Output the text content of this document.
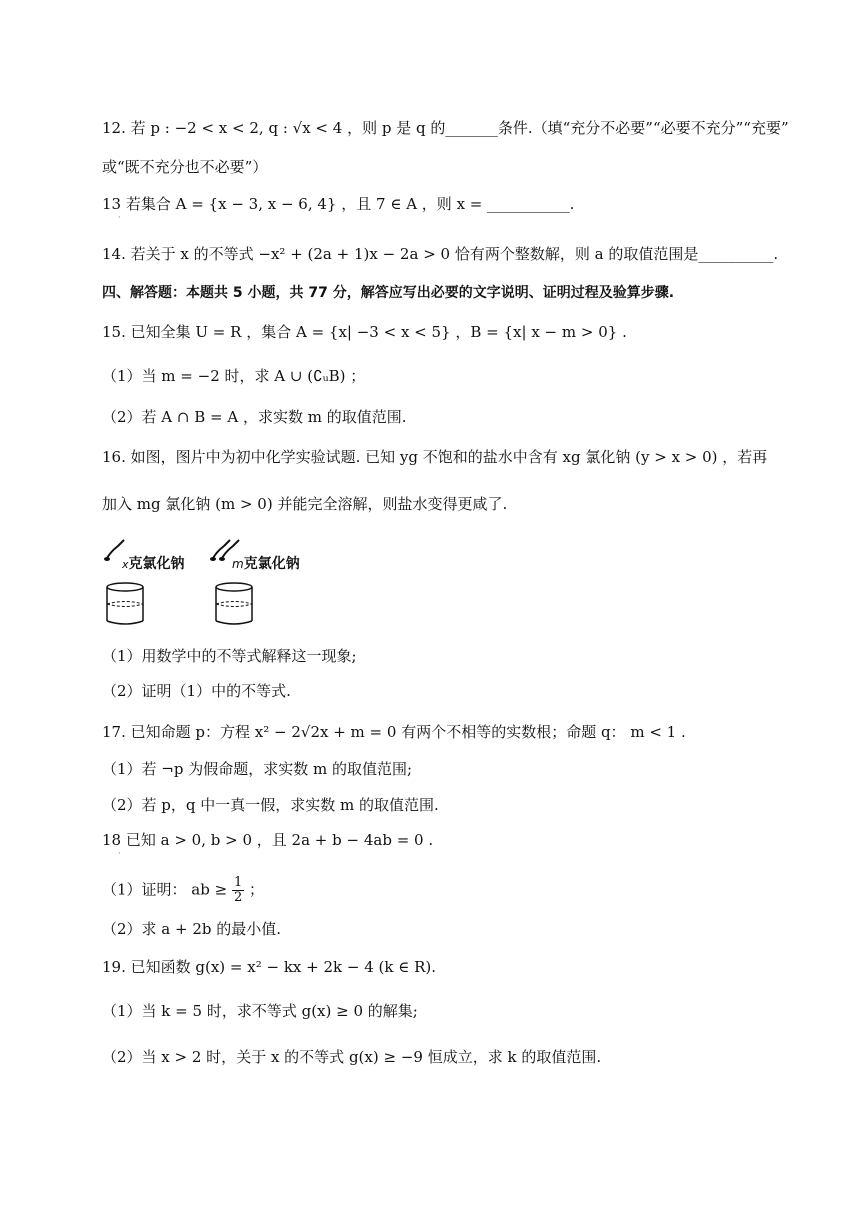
12. 若 p : −2 < x < 2, q : √x < 4 ，则 p 是 q 的_______条件.（填“充分不必要”“必要不充分”“充要”
或“既不充分也不必要”）
13 若集合 A = {x − 3, x − 6, 4} ，且 7 ∈ A ，则 x = ___________.
·
14. 若关于 x 的不等式 −x² + (2a + 1)x − 2a > 0 恰有两个整数解，则 a 的取值范围是__________.
四、解答题：本题共 5 小题，共 77 分，解答应写出必要的文字说明、证明过程及验算步骤.
15. 已知全集 U = R ，集合 A = {x| −3 < x < 5} ，B = {x| x − m > 0} .
（1）当 m = −2 时，求 A ∪ (∁ᵤB) ；
（2）若 A ∩ B = A ，求实数 m 的取值范围.
16. 如图，图片中为初中化学实验试题. 已知 yg 不饱和的盐水中含有 xg 氯化钠 (y > x > 0) ，若再
加入 mg 氯化钠 (m > 0) 并能完全溶解，则盐水变得更咸了.
x克氯化钠	m克氯化钠
（1）用数学中的不等式解释这一现象;
（2）证明（1）中的不等式.
17. 已知命题 p：方程 x² − 2√2x + m = 0 有两个不相等的实数根；命题 q： m < 1 .
（1）若 ¬p 为假命题，求实数 m 的取值范围;
（2）若 p，q 中一真一假，求实数 m 的取值范围.
18 已知 a > 0, b > 0 ，且 2a + b − 4ab = 0 .
·
（1）证明： ab ≥ $\frac{1}{2}$ ；
（2）求 a + 2b 的最小值.
19. 已知函数 g(x) = x² − kx + 2k − 4 (k ∈ R).
（1）当 k = 5 时，求不等式 g(x) ≥ 0 的解集;
（2）当 x > 2 时，关于 x 的不等式 g(x) ≥ −9 恒成立，求 k 的取值范围.
